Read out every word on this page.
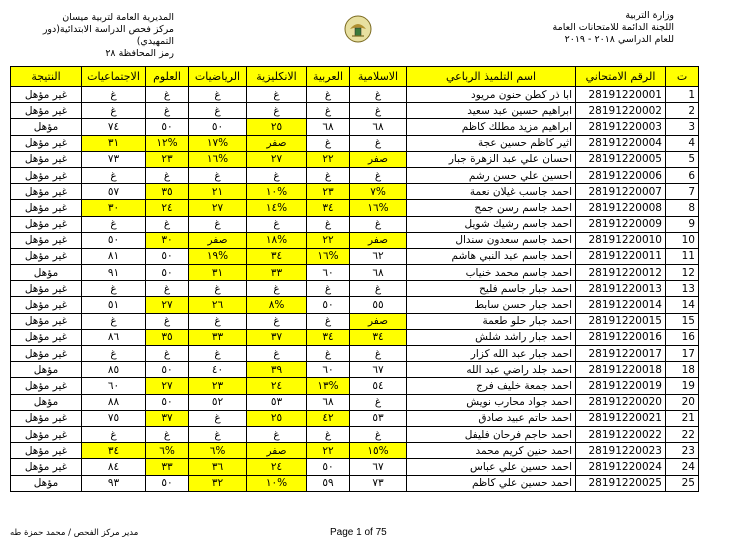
المديرية العامة لتربية ميسان
مركز فحص الدراسة الابتدائية(دور التمهيدي)
رمز المحافظة ٢٨
وزارة التربية
اللجنة الدائمة للامتحانات العامة
للعام الدراسي ٢٠١٨ - ٢٠١٩
ت	الرقم الامتحاني	اسم التلميذ الرباعي	الاسلامية	العربية	الانكليزية	الرياضيات	العلوم	الاجتماعيات	النتيجة
1	28191220001	ابا ذر كطن حنون مريود	غ	غ	غ	غ	غ	غ	غير مؤهل
2	28191220002	ابراهيم حسين عبد سعيد	غ	غ	غ	غ	غ	غ	غير مؤهل
3	28191220003	ابراهيم مزيد مطلك كاظم	٦٨	٦٨	٢٥	٥٠	٥٠	٧٤	مؤهل
4	28191220004	اثير كاظم حسين عجة	غ	غ	صفر	%١٧	%١٢	٣١	غير مؤهل
5	28191220005	احسان علي عبد الزهرة جبار	صفر	٢٢	٢٧	%١٦	٢٣	٧٣	غير مؤهل
6	28191220006	احسين علي حسن رشم	غ	غ	غ	غ	غ	غ	غير مؤهل
7	28191220007	احمد جاسب غيلان نعمة	%٧	٢٣	%١٠	٢١	٣٥	٥٧	غير مؤهل
8	28191220008	احمد جاسم رسن جمح	%١٦	٣٤	%١٤	٢٧	٢٤	٣٠	غير مؤهل
9	28191220009	احمد جاسم رشيك شويل	غ	غ	غ	غ	غ	غ	غير مؤهل
10	28191220010	احمد جاسم سعدون سندال	صفر	٢٢	%١٨	صفر	٣٠	٥٠	غير مؤهل
11	28191220011	احمد جاسم عبد النبي هاشم	٦٢	%١٦	٣٤	%١٩	٥٠	٨١	غير مؤهل
12	28191220012	احمد جاسم محمد خنياب	٦٨	٦٠	٣٣	٣١	٥٠	٩١	مؤهل
13	28191220013	احمد جبار جاسم فليح	غ	غ	غ	غ	غ	غ	غير مؤهل
14	28191220014	احمد جبار حسن سابط	٥٥	٥٠	%٨	٢٦	٢٧	٥١	غير مؤهل
15	28191220015	احمد جبار حلو طعمة	صفر	غ	غ	غ	غ	غ	غير مؤهل
16	28191220016	احمد جبار راشد شلش	٣٤	٣٤	٣٧	٣٣	٣٥	٨٦	غير مؤهل
17	28191220017	احمد جبار عبد الله كزار	غ	غ	غ	غ	غ	غ	غير مؤهل
18	28191220018	احمد جلد راضي عبد الله	٦٧	٦٠	٣٩	٤٠	٥٠	٨٥	مؤهل
19	28191220019	احمد جمعة خليف فرج	٥٤	%١٣	٢٤	٢٣	٢٧	٦٠	غير مؤهل
20	28191220020	احمد جواد محارب نويش	غ	٦٨	٥٣	٥٢	٥٠	٨٨	مؤهل
21	28191220021	احمد حاتم عبيد صادق	٥٣	٤٢	٢٥	غ	٣٧	٧٥	غير مؤهل
22	28191220022	احمد حاجم فرحان فليفل	غ	غ	غ	غ	غ	غ	غير مؤهل
23	28191220023	احمد حنين كريم محمد	%١٥	٢٢	صفر	%٦	%٦	٣٤	غير مؤهل
24	28191220024	احمد حسين علي عباس	٦٧	٥٠	٢٤	٣٦	٣٣	٨٤	غير مؤهل
25	28191220025	احمد حسين علي كاظم	٧٣	٥٩	%١٠	٣٢	٥٠	٩٣	مؤهل
Page 1 of 75
مدير مركز الفحص / محمد حمزة طه
